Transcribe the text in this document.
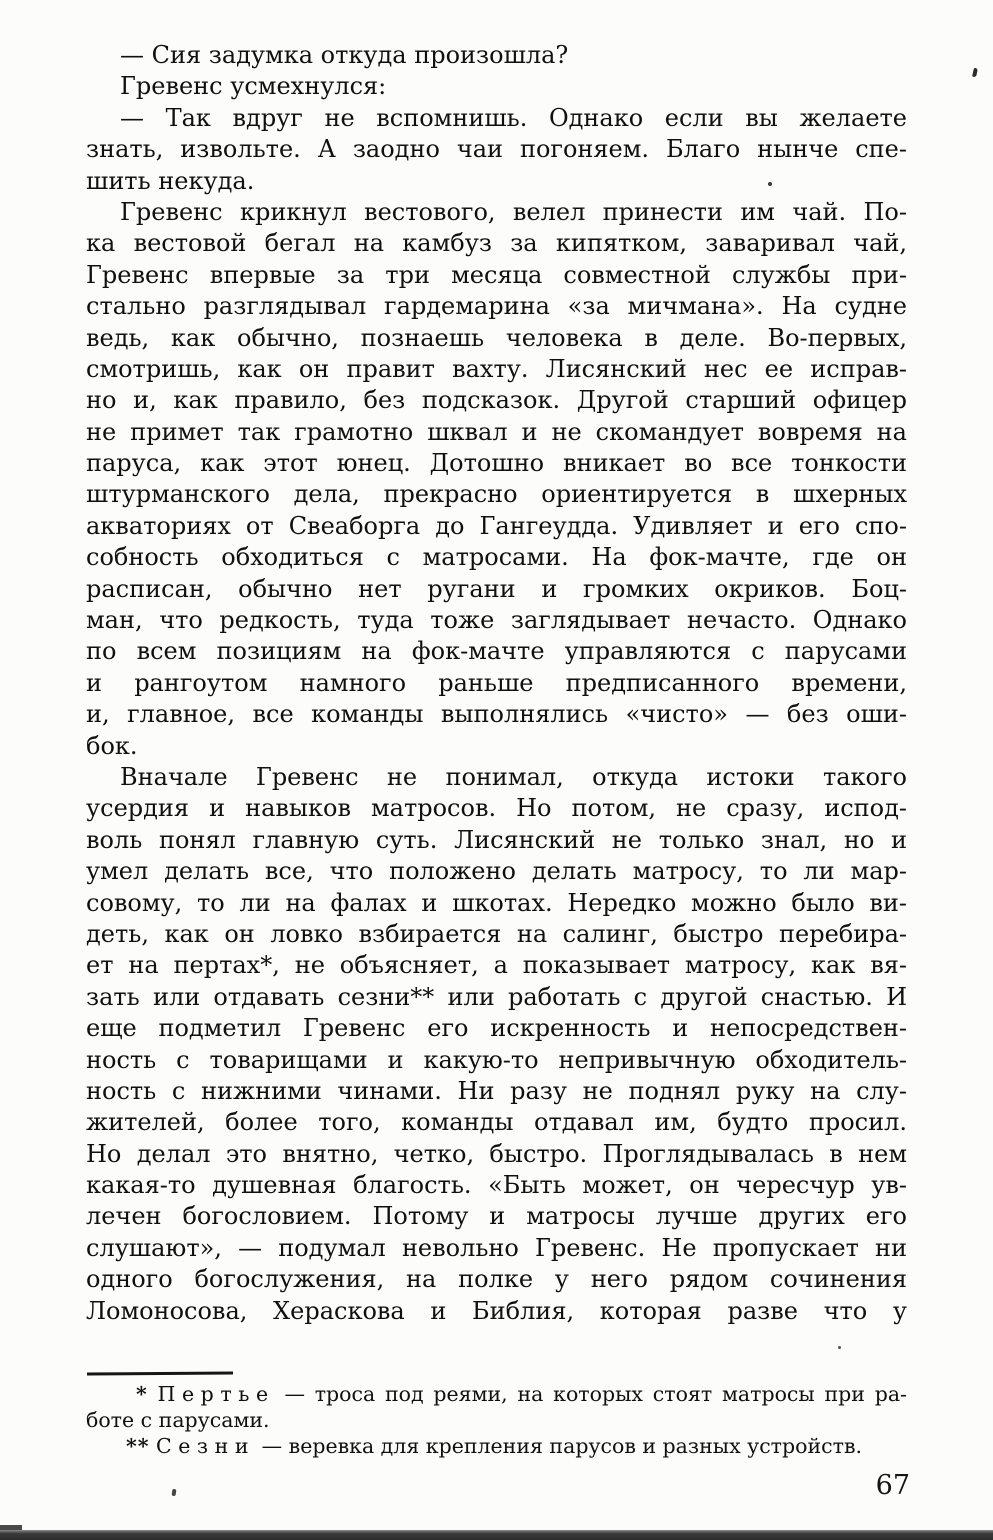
— Сия задумка откуда произошла?
Гревенс усмехнулся:
— Так вдруг не вспомнишь. Однако если вы желаете
знать, извольте. А заодно чаи погоняем. Благо нынче спе-
шить некуда.
Гревенс крикнул вестового, велел принести им чай. По-
ка вестовой бегал на камбуз за кипятком, заваривал чай,
Гревенс впервые за три месяца совместной службы при-
стально разглядывал гардемарина «за мичмана». На судне
ведь, как обычно, познаешь человека в деле. Во-первых,
смотришь, как он правит вахту. Лисянский нес ее исправ-
но и, как правило, без подсказок. Другой старший офицер
не примет так грамотно шквал и не скомандует вовремя на
паруса, как этот юнец. Дотошно вникает во все тонкости
штурманского дела, прекрасно ориентируется в шхерных
акваториях от Свеаборга до Гангеудда. Удивляет и его спо-
собность обходиться с матросами. На фок-мачте, где он
расписан, обычно нет ругани и громких окриков. Боц-
ман, что редкость, туда тоже заглядывает нечасто. Однако
по всем позициям на фок-мачте управляются с парусами
и рангоутом намного раньше предписанного времени,
и, главное, все команды выполнялись «чисто» — без оши-
бок.
Вначале Гревенс не понимал, откуда истоки такого
усердия и навыков матросов. Но потом, не сразу, испод-
воль понял главную суть. Лисянский не только знал, но и
умел делать все, что положено делать матросу, то ли мар-
совому, то ли на фалах и шкотах. Нередко можно было ви-
деть, как он ловко взбирается на салинг, быстро перебира-
ет на пертах*, не объясняет, а показывает матросу, как вя-
зать или отдавать сезни** или работать с другой снастью. И
еще подметил Гревенс его искренность и непосредствен-
ность с товарищами и какую-то непривычную обходитель-
ность с нижними чинами. Ни разу не поднял руку на слу-
жителей, более того, команды отдавал им, будто просил.
Но делал это внятно, четко, быстро. Проглядывалась в нем
какая-то душевная благость. «Быть может, он чересчур ув-
лечен богословием. Потому и матросы лучше других его
слушают», — подумал невольно Гревенс. Не пропускает ни
одного богослужения, на полке у него рядом сочинения
Ломоносова, Хераскова и Библия, которая разве что у
* Пертье — троса под реями, на которых стоят матросы при ра-
боте с парусами.
** Сезни — веревка для крепления парусов и разных устройств.
67
